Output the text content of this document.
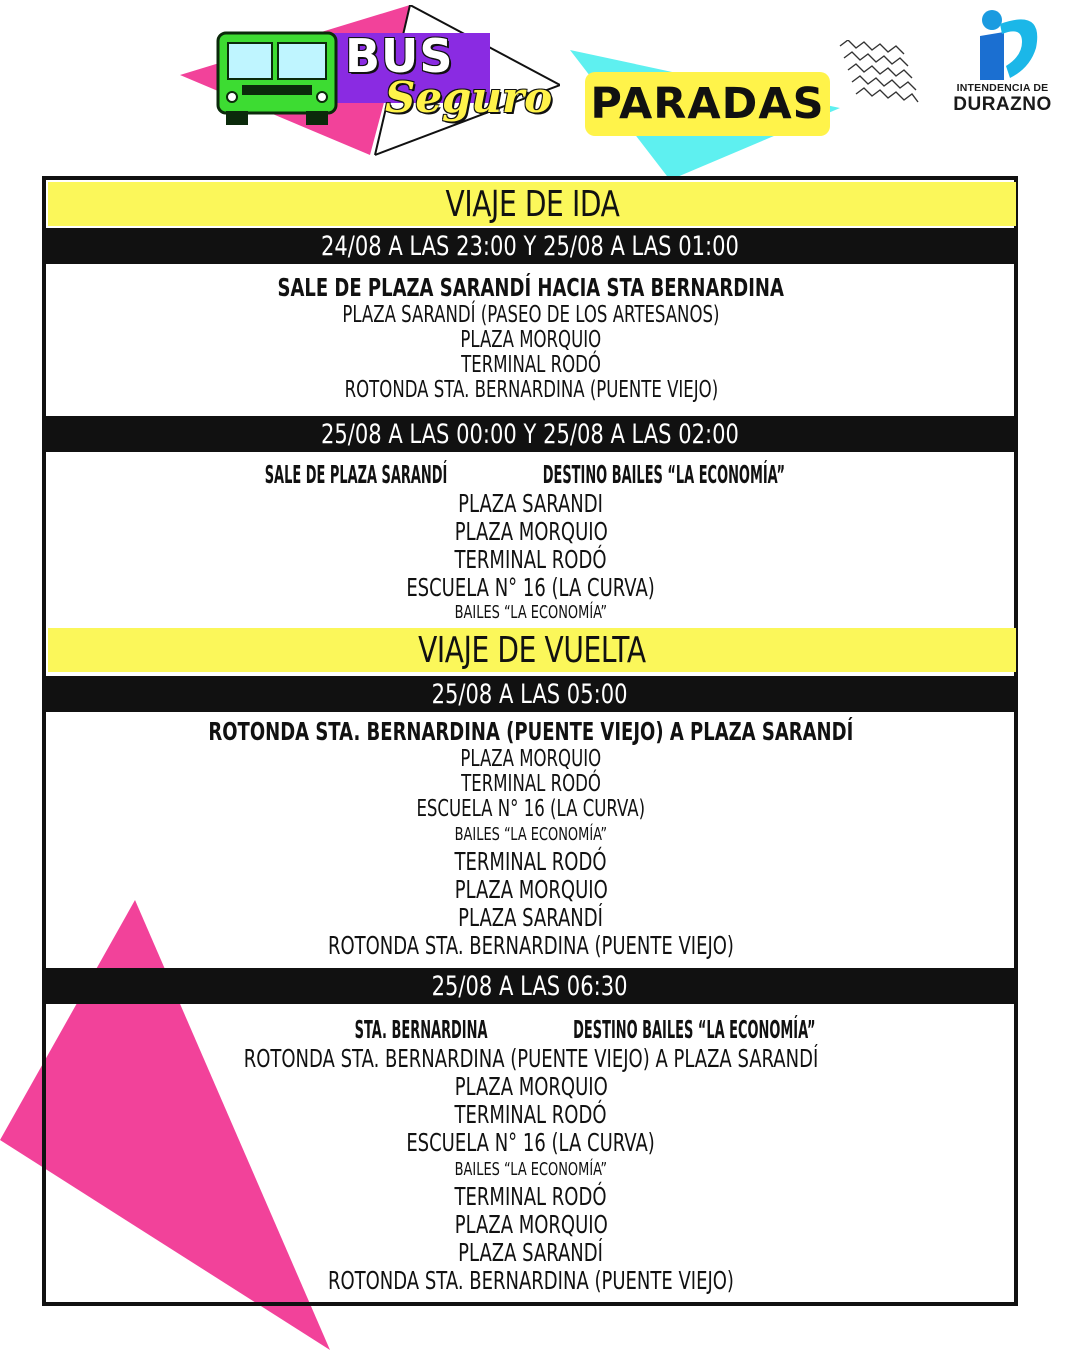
BUS
Seguro PARADAS	INTENDENCIA DE
DURAZNO
VIAJE DE IDA
24/08 A LAS 23:00 Y 25/08 A LAS 01:00
SALE DE PLAZA SARANDÍ HACIA STA BERNARDINA
PLAZA SARANDÍ (PASEO DE LOS ARTESANOS)
PLAZA MORQUIO
TERMINAL RODÓ
ROTONDA STA. BERNARDINA (PUENTE VIEJO)
25/08 A LAS 00:00 Y 25/08 A LAS 02:00
SALE DE PLAZA SARANDÍ	DESTINO BAILES “LA ECONOMÍA”
PLAZA SARANDI
PLAZA MORQUIO
TERMINAL RODÓ
ESCUELA N° 16 (LA CURVA)
BAILES “LA ECONOMÍA”
VIAJE DE VUELTA
25/08 A LAS 05:00
ROTONDA STA. BERNARDINA (PUENTE VIEJO) A PLAZA SARANDÍ
PLAZA MORQUIO
TERMINAL RODÓ
ESCUELA N° 16 (LA CURVA)
BAILES “LA ECONOMÍA”
TERMINAL RODÓ
PLAZA MORQUIO
PLAZA SARANDÍ
ROTONDA STA. BERNARDINA (PUENTE VIEJO)
25/08 A LAS 06:30
STA. BERNARDINA	DESTINO BAILES “LA ECONOMÍA”
ROTONDA STA. BERNARDINA (PUENTE VIEJO) A PLAZA SARANDÍ
PLAZA MORQUIO
TERMINAL RODÓ
ESCUELA N° 16 (LA CURVA)
BAILES “LA ECONOMÍA”
TERMINAL RODÓ
PLAZA MORQUIO
PLAZA SARANDÍ
ROTONDA STA. BERNARDINA (PUENTE VIEJO)
